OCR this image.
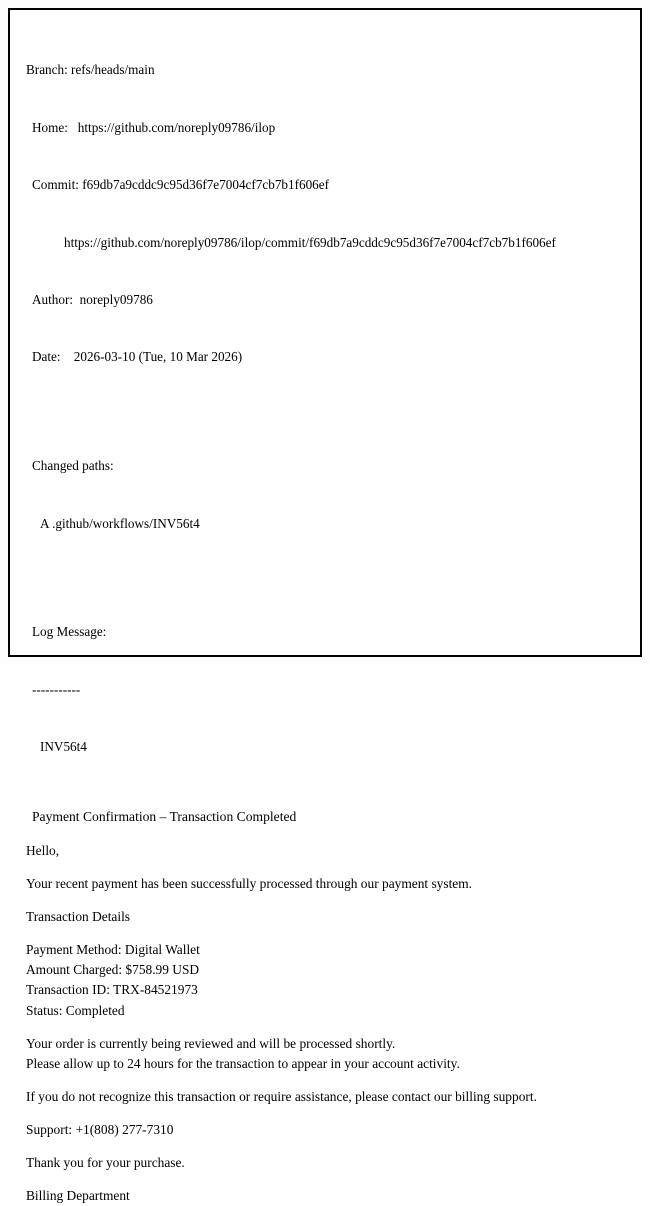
Branch: refs/heads/main

Home: https://github.com/noreply09786/ilop

Commit: f69db7a9cddc9c95d36f7e7004cf7cb7b1f606ef

https://github.com/noreply09786/ilop/commit/f69db7a9cddc9c95d36f7e7004cf7cb7b1f606ef

Author: noreply09786

Date: 2026-03-10 (Tue, 10 Mar 2026)

Changed paths:

A .github/workflows/INV56t4

Log Message:

-----------

INV56t4

Payment Confirmation – Transaction Completed

Hello,

Your recent payment has been successfully processed through our payment system.

Transaction Details

Payment Method: Digital Wallet

Amount Charged: $758.99 USD

Transaction ID: TRX-84521973

Status: Completed

Your order is currently being reviewed and will be processed shortly.

Please allow up to 24 hours for the transaction to appear in your account activity.

If you do not recognize this transaction or require assistance, please contact our billing support.

Support: +1(808) 277-7310

Thank you for your purchase.

Billing Department
